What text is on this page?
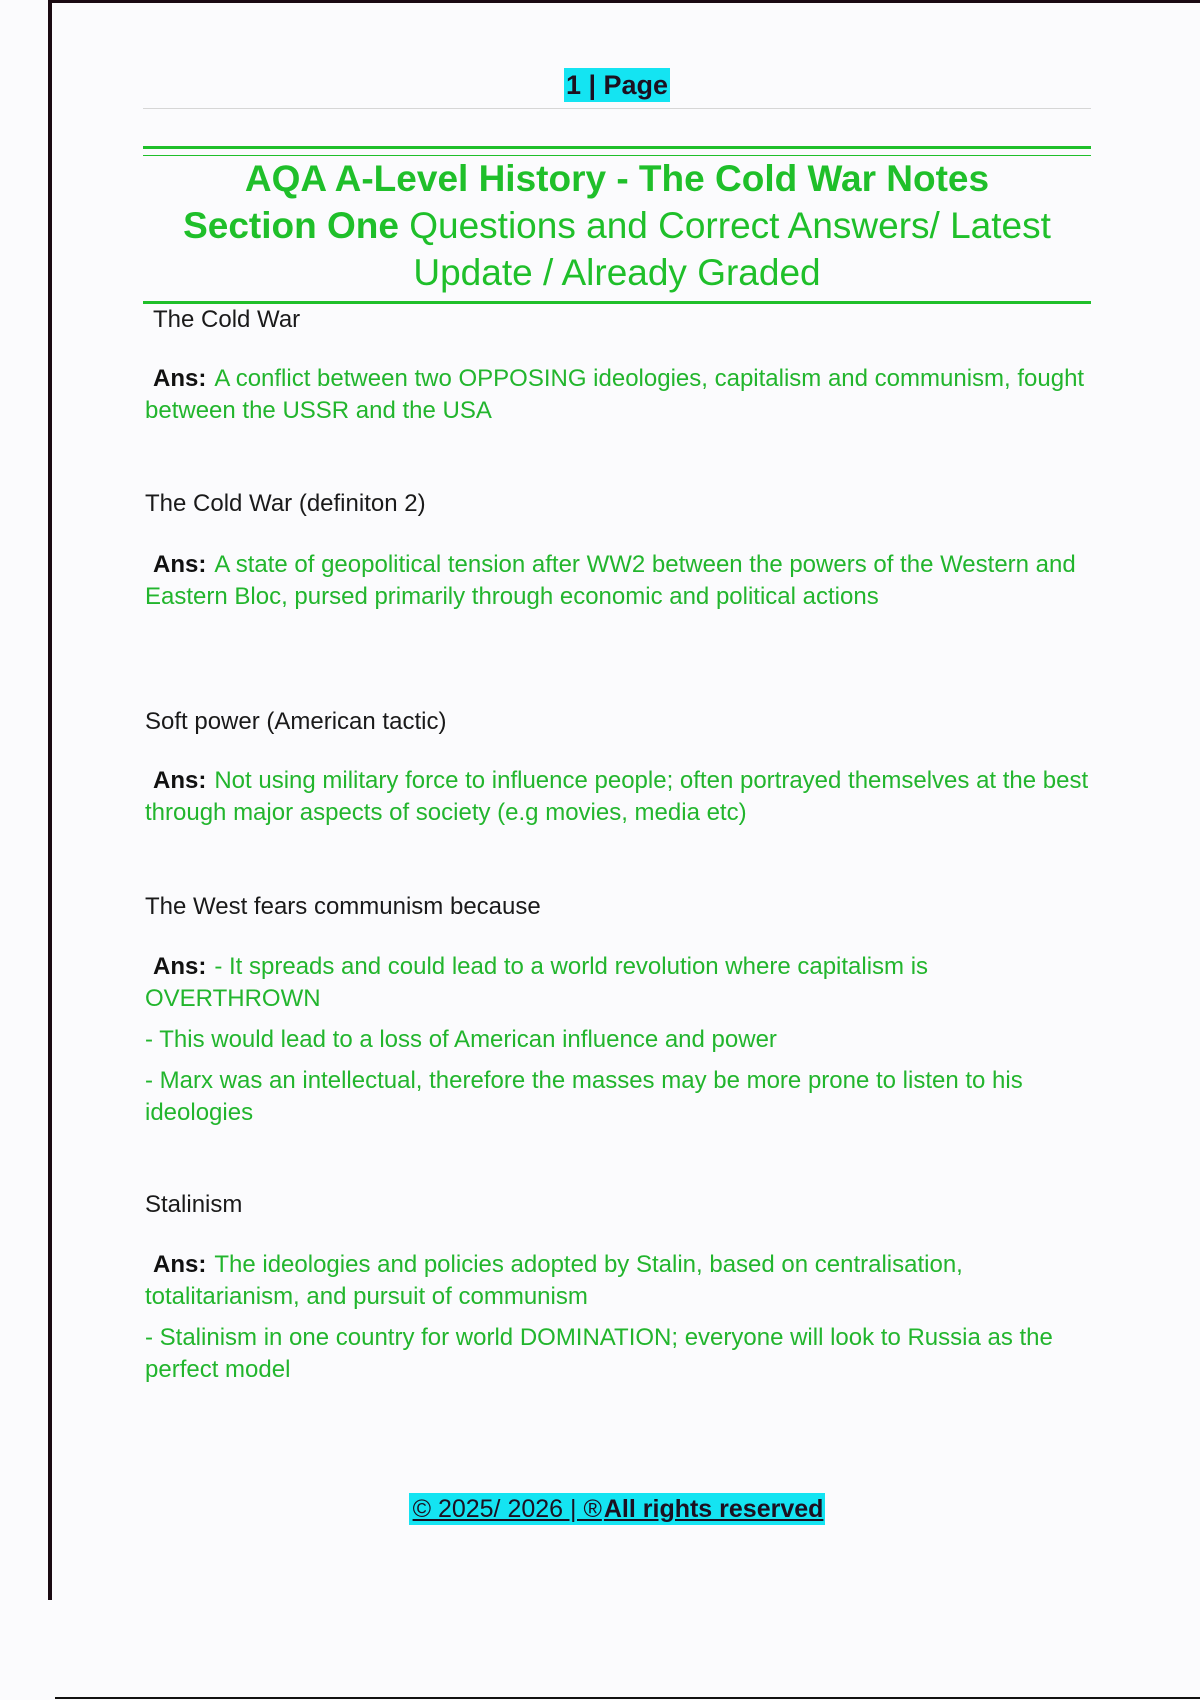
1 | Page
AQA A-Level History - The Cold War Notes
Section One Questions and Correct Answers/ Latest
Update / Already Graded
The Cold War

Ans: A conflict between two OPPOSING ideologies, capitalism and communism, fought between the USSR and the USA

The Cold War (definiton 2)

Ans: A state of geopolitical tension after WW2 between the powers of the Western and Eastern Bloc, pursed primarily through economic and political actions

Soft power (American tactic)

Ans: Not using military force to influence people; often portrayed themselves at the best through major aspects of society (e.g movies, media etc)

The West fears communism because

Ans: - It spreads and could lead to a world revolution where capitalism is OVERTHROWN

- This would lead to a loss of American influence and power

- Marx was an intellectual, therefore the masses may be more prone to listen to his ideologies

Stalinism

Ans: The ideologies and policies adopted by Stalin, based on centralisation, totalitarianism, and pursuit of communism

- Stalinism in one country for world DOMINATION; everyone will look to Russia as the perfect model

© 2025/ 2026 | ®All rights reserved
